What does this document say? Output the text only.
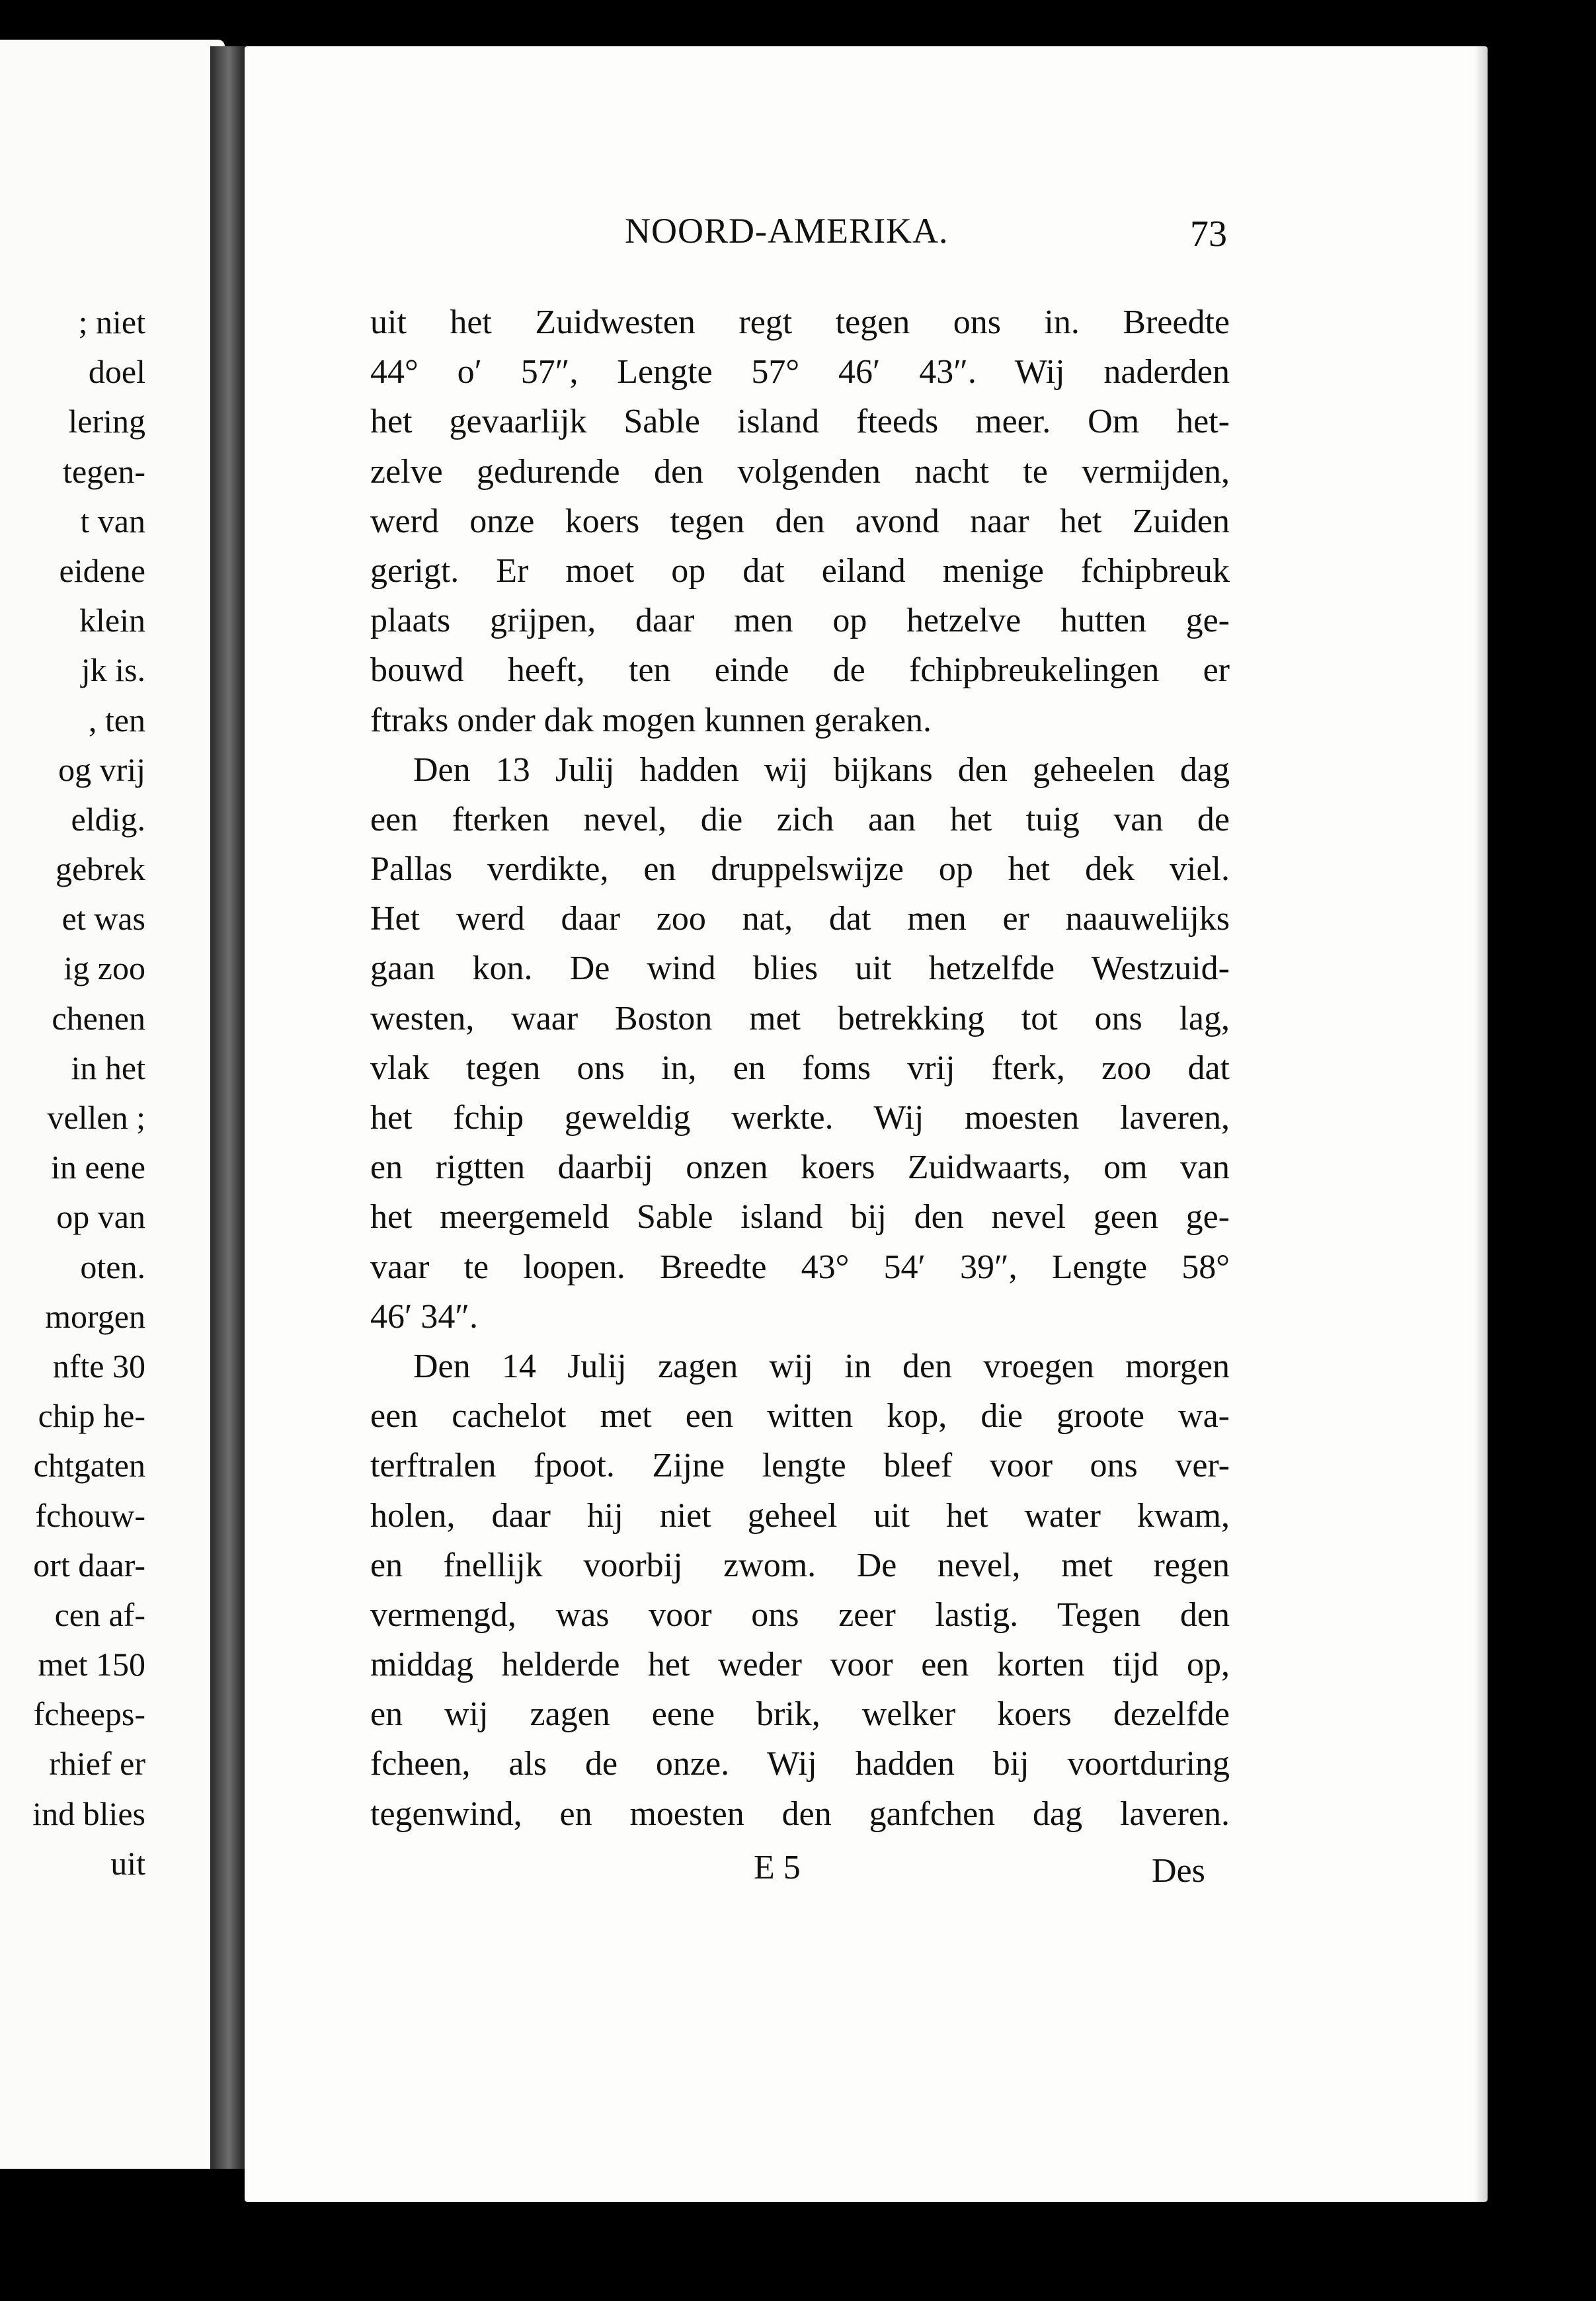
; niet
doel
lering
tegen-
t van
eidene
klein
jk is.
, ten
og vrij
eldig.
gebrek
et was
ig zoo
chenen
in het
vellen ;
in eene
op van
oten.
morgen
nfte 30
chip he-
chtgaten
fchouw-
ort daar-
cen af-
met 150
fcheeps-
rhief er
ind blies
uit
NOORD-AMERIKA.	73
uit het Zuidwesten regt tegen ons in. Breedte
44° o′ 57″, Lengte 57° 46′ 43″. Wij naderden
het gevaarlijk Sable island fteeds meer. Om het-
zelve gedurende den volgenden nacht te vermijden,
werd onze koers tegen den avond naar het Zuiden
gerigt. Er moet op dat eiland menige fchipbreuk
plaats grijpen, daar men op hetzelve hutten ge-
bouwd heeft, ten einde de fchipbreukelingen er
ftraks onder dak mogen kunnen geraken.
Den 13 Julij hadden wij bijkans den geheelen dag
een fterken nevel, die zich aan het tuig van de
Pallas verdikte, en druppelswijze op het dek viel.
Het werd daar zoo nat, dat men er naauwelijks
gaan kon. De wind blies uit hetzelfde Westzuid-
westen, waar Boston met betrekking tot ons lag,
vlak tegen ons in, en foms vrij fterk, zoo dat
het fchip geweldig werkte. Wij moesten laveren,
en rigtten daarbij onzen koers Zuidwaarts, om van
het meergemeld Sable island bij den nevel geen ge-
vaar te loopen. Breedte 43° 54′ 39″, Lengte 58°
46′ 34″.
Den 14 Julij zagen wij in den vroegen morgen
een cachelot met een witten kop, die groote wa-
terftralen fpoot. Zijne lengte bleef voor ons ver-
holen, daar hij niet geheel uit het water kwam,
en fnellijk voorbij zwom. De nevel, met regen
vermengd, was voor ons zeer lastig. Tegen den
middag helderde het weder voor een korten tijd op,
en wij zagen eene brik, welker koers dezelfde
fcheen, als de onze. Wij hadden bij voortduring
tegenwind, en moesten den ganfchen dag laveren.
E 5	Des
